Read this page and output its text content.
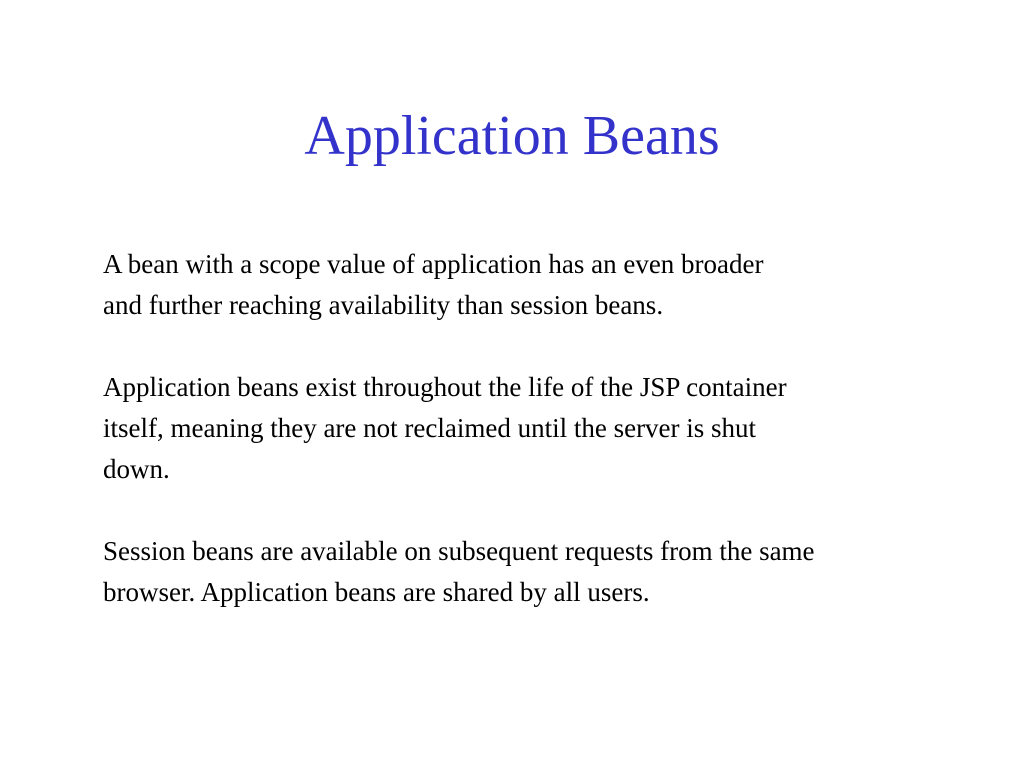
Application Beans

A bean with a scope value of application has an even broader
and further reaching availability than session beans.

Application beans exist throughout the life of the JSP container
itself, meaning they are not reclaimed until the server is shut
down.

Session beans are available on subsequent requests from the same
browser. Application beans are shared by all users.
